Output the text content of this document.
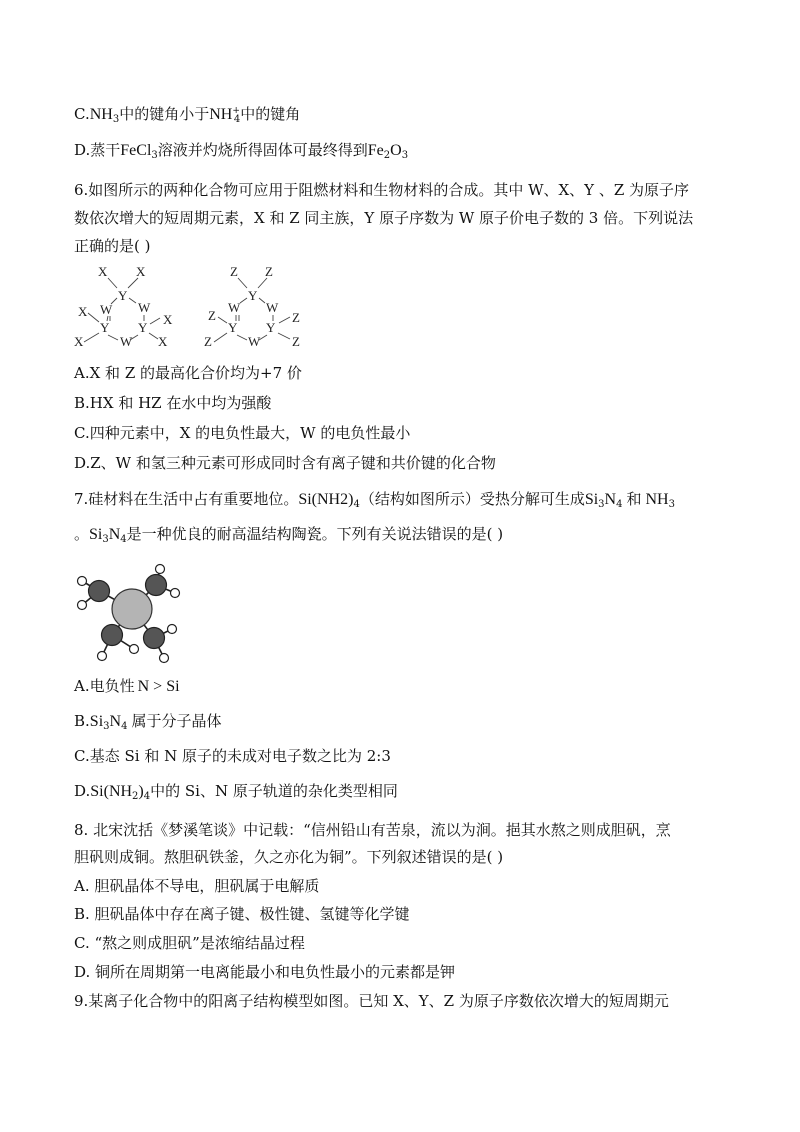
$C.NH_3$中的键角小于$NH^+_4$中的键角
D.蒸干FeCl$_3$溶液并灼烧所得固体可最终得到$Fe_2O_3$
6.如图所示的两种化合物可应用于阻燃材料和生物材料的合成。其中 W、X、Y 、Z 为原子序
数依次增大的短周期元素，X 和 Z 同主族，Y 原子序数为 W 原子价电子数的 3 倍。下列说法
正确的是( )
X X
Y
W W
X
X
Y Y
X	W X
Z Z
Y
W W
Z	Z
Y Y
Z	W Z
A.X 和 Z 的最高化合价均为+7 价
B.HX 和 HZ 在水中均为强酸
C.四种元素中，X 的电负性最大，W 的电负性最小
D.Z、W 和氢三种元素可形成同时含有离子键和共价键的化合物
7.硅材料在生活中占有重要地位。$Si(NH2)_4$（结构如图所示）受热分解可生成$Si_3N_4$ 和 $NH_3$
。$Si_3N_4$是一种优良的耐高温结构陶瓷。下列有关说法错误的是( )
A.电负性 N > Si
$B.Si_3N_4$ 属于分子晶体
C.基态 Si 和 N 原子的未成对电子数之比为 2:3
$D.Si(NH_2)_4$中的 Si、N 原子轨道的杂化类型相同
8. 北宋沈括《梦溪笔谈》中记载：“信州铅山有苦泉，流以为涧。挹其水熬之则成胆矾，烹
胆矾则成铜。熬胆矾铁釜，久之亦化为铜”。下列叙述错误的是( )
A. 胆矾晶体不导电，胆矾属于电解质
B. 胆矾晶体中存在离子键、极性键、氢键等化学键
C. “熬之则成胆矾”是浓缩结晶过程
D. 铜所在周期第一电离能最小和电负性最小的元素都是钾
9.某离子化合物中的阳离子结构模型如图。已知 X、Y、Z 为原子序数依次增大的短周期元
